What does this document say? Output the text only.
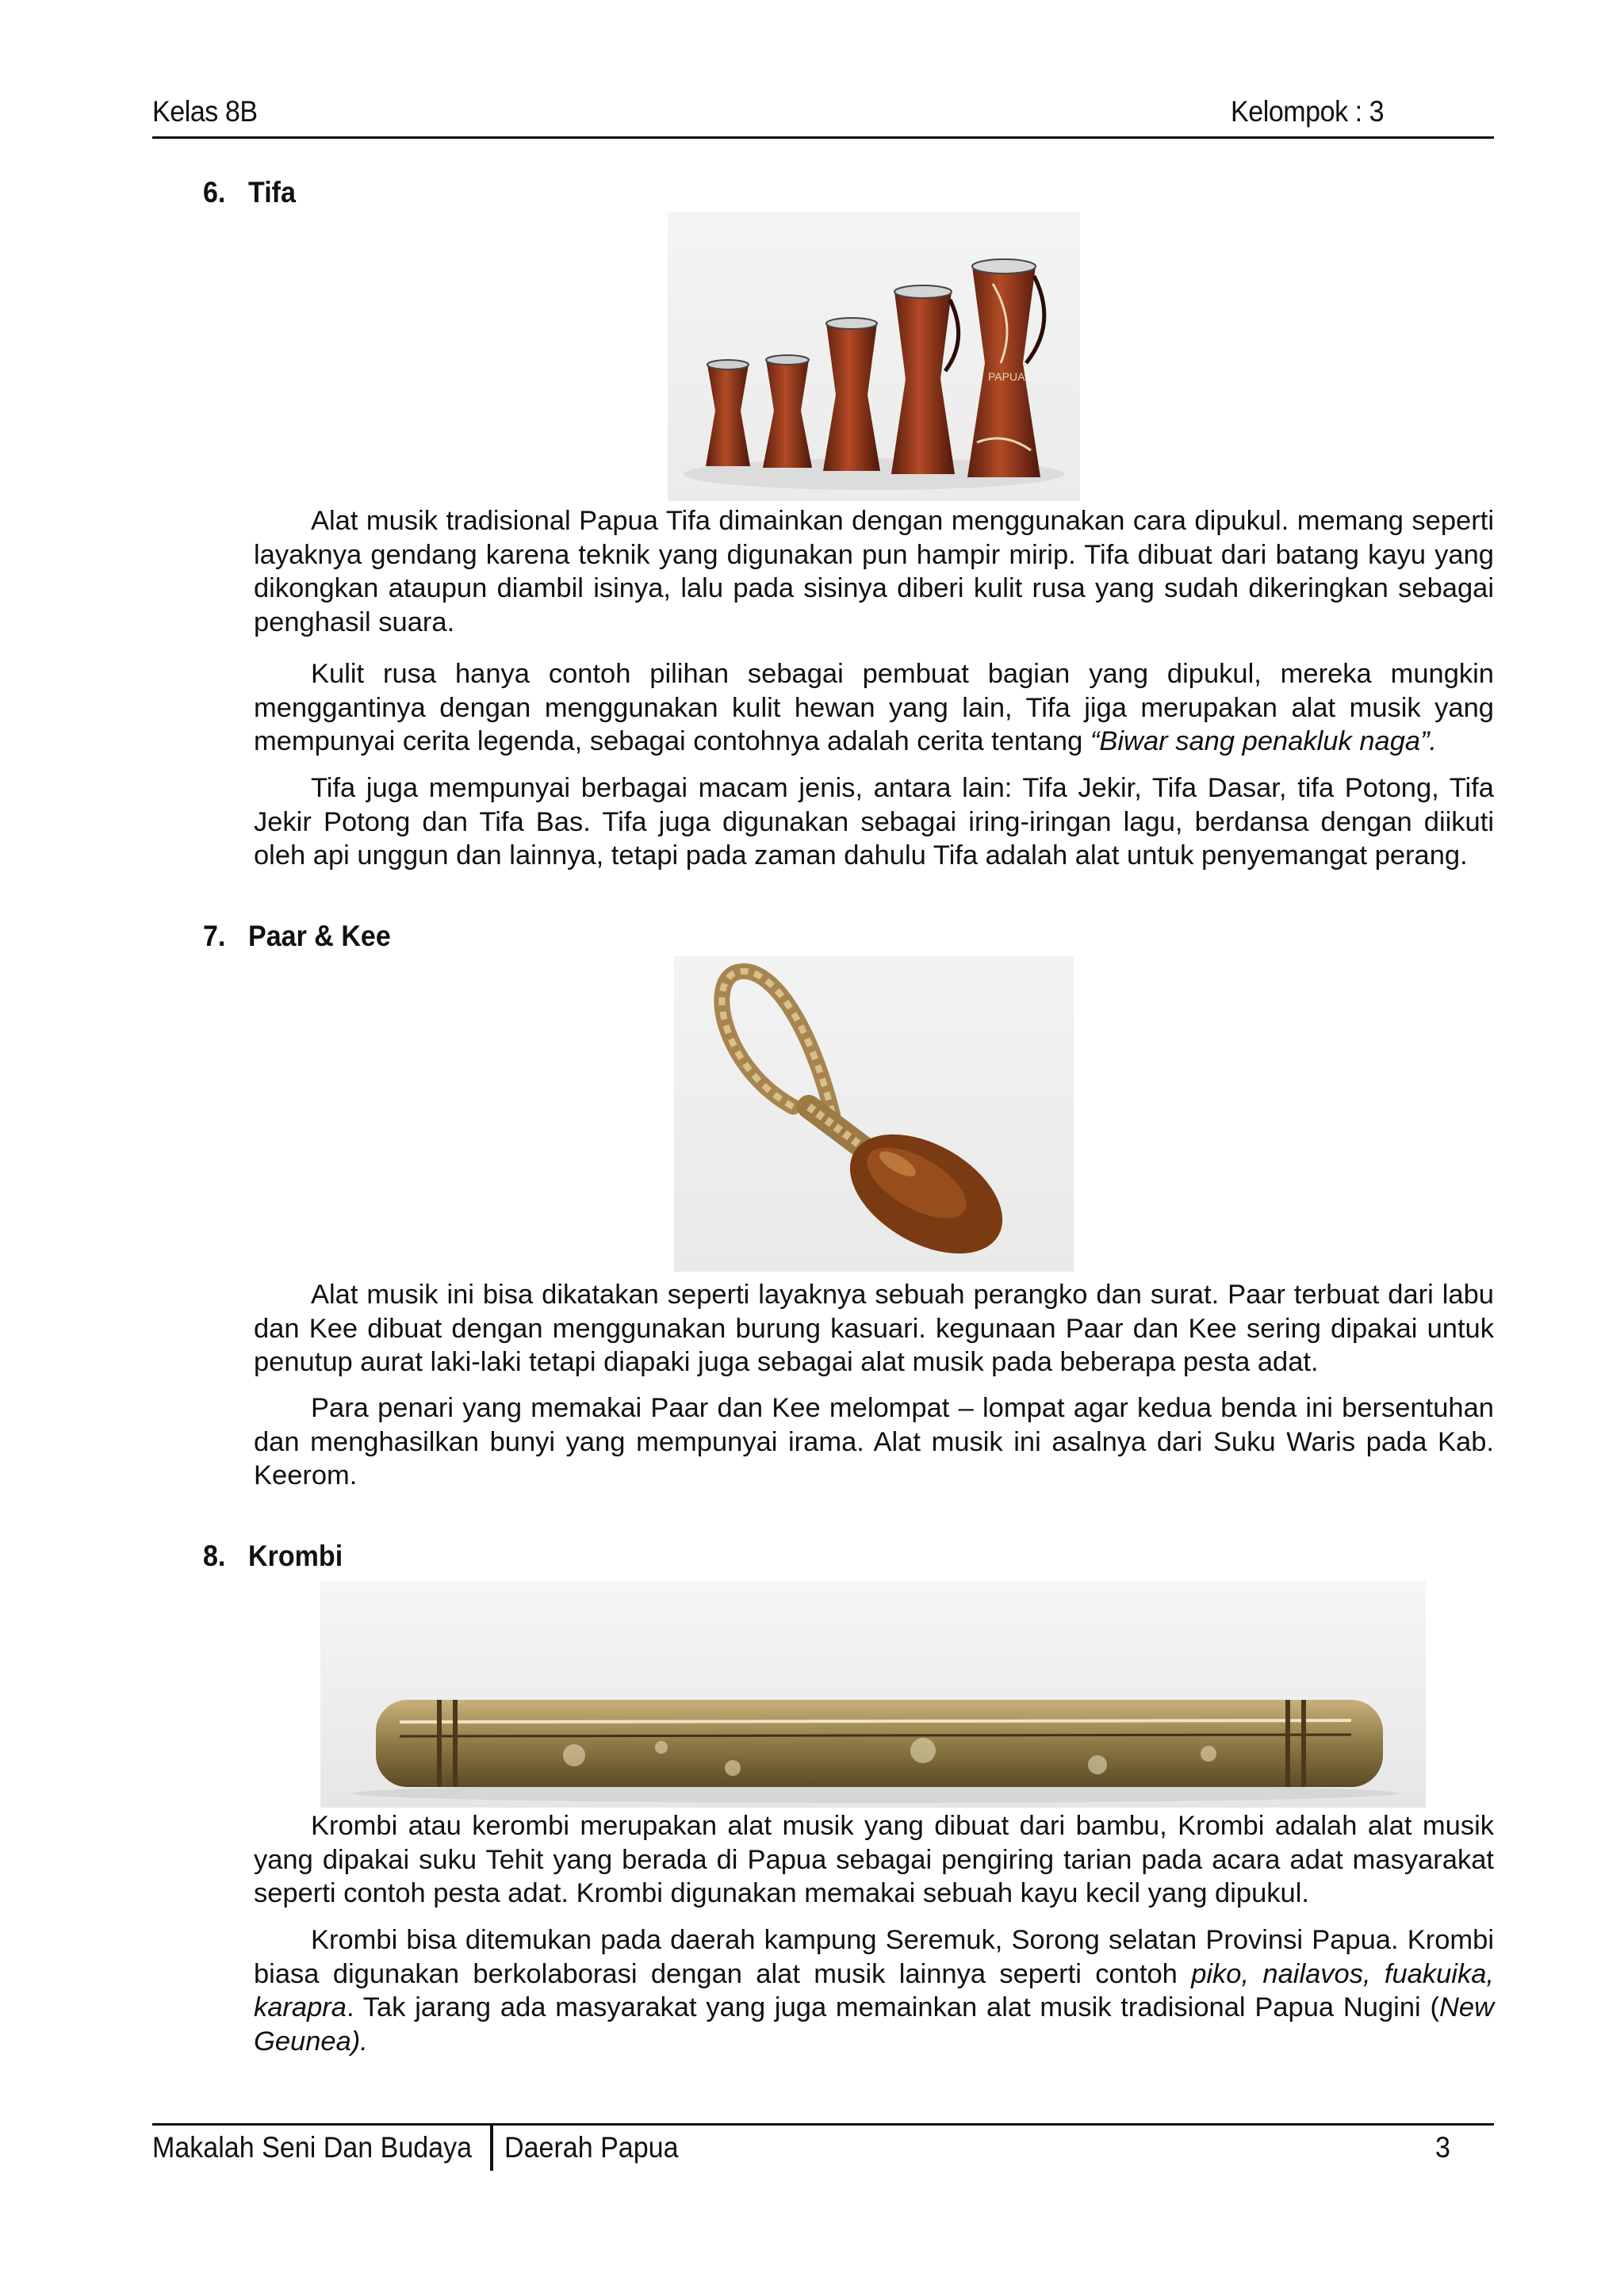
Kelas 8B	Kelompok : 3
6. Tifa
PAPUA

Alat musik tradisional Papua Tifa dimainkan dengan menggunakan cara dipukul. memang seperti layaknya gendang karena teknik yang digunakan pun hampir mirip. Tifa dibuat dari batang kayu yang dikongkan ataupun diambil isinya, lalu pada sisinya diberi kulit rusa yang sudah dikeringkan sebagai penghasil suara.

Kulit rusa hanya contoh pilihan sebagai pembuat bagian yang dipukul, mereka mungkin menggantinya dengan menggunakan kulit hewan yang lain, Tifa jiga merupakan alat musik yang mempunyai cerita legenda, sebagai contohnya adalah cerita tentang “Biwar sang penakluk naga”.

Tifa juga mempunyai berbagai macam jenis, antara lain: Tifa Jekir, Tifa Dasar, tifa Potong, Tifa Jekir Potong dan Tifa Bas. Tifa juga digunakan sebagai iring-iringan lagu, berdansa dengan diikuti oleh api unggun dan lainnya, tetapi pada zaman dahulu Tifa adalah alat untuk penyemangat perang.

7. Paar & Kee

Alat musik ini bisa dikatakan seperti layaknya sebuah perangko dan surat. Paar terbuat dari labu dan Kee dibuat dengan menggunakan burung kasuari. kegunaan Paar dan Kee sering dipakai untuk penutup aurat laki-laki tetapi diapaki juga sebagai alat musik pada beberapa pesta adat.

Para penari yang memakai Paar dan Kee melompat – lompat agar kedua benda ini bersentuhan dan menghasilkan bunyi yang mempunyai irama. Alat musik ini asalnya dari Suku Waris pada Kab. Keerom.

8. Krombi

Krombi atau kerombi merupakan alat musik yang dibuat dari bambu, Krombi adalah alat musik yang dipakai suku Tehit yang berada di Papua sebagai pengiring tarian pada acara adat masyarakat seperti contoh pesta adat. Krombi digunakan memakai sebuah kayu kecil yang dipukul.

Krombi bisa ditemukan pada daerah kampung Seremuk, Sorong selatan Provinsi Papua. Krombi biasa digunakan berkolaborasi dengan alat musik lainnya seperti contoh piko, nailavos, fuakuika, karapra. Tak jarang ada masyarakat yang juga memainkan alat musik tradisional Papua Nugini (New Geunea).

Makalah Seni Dan Budaya Daerah Papua	3
